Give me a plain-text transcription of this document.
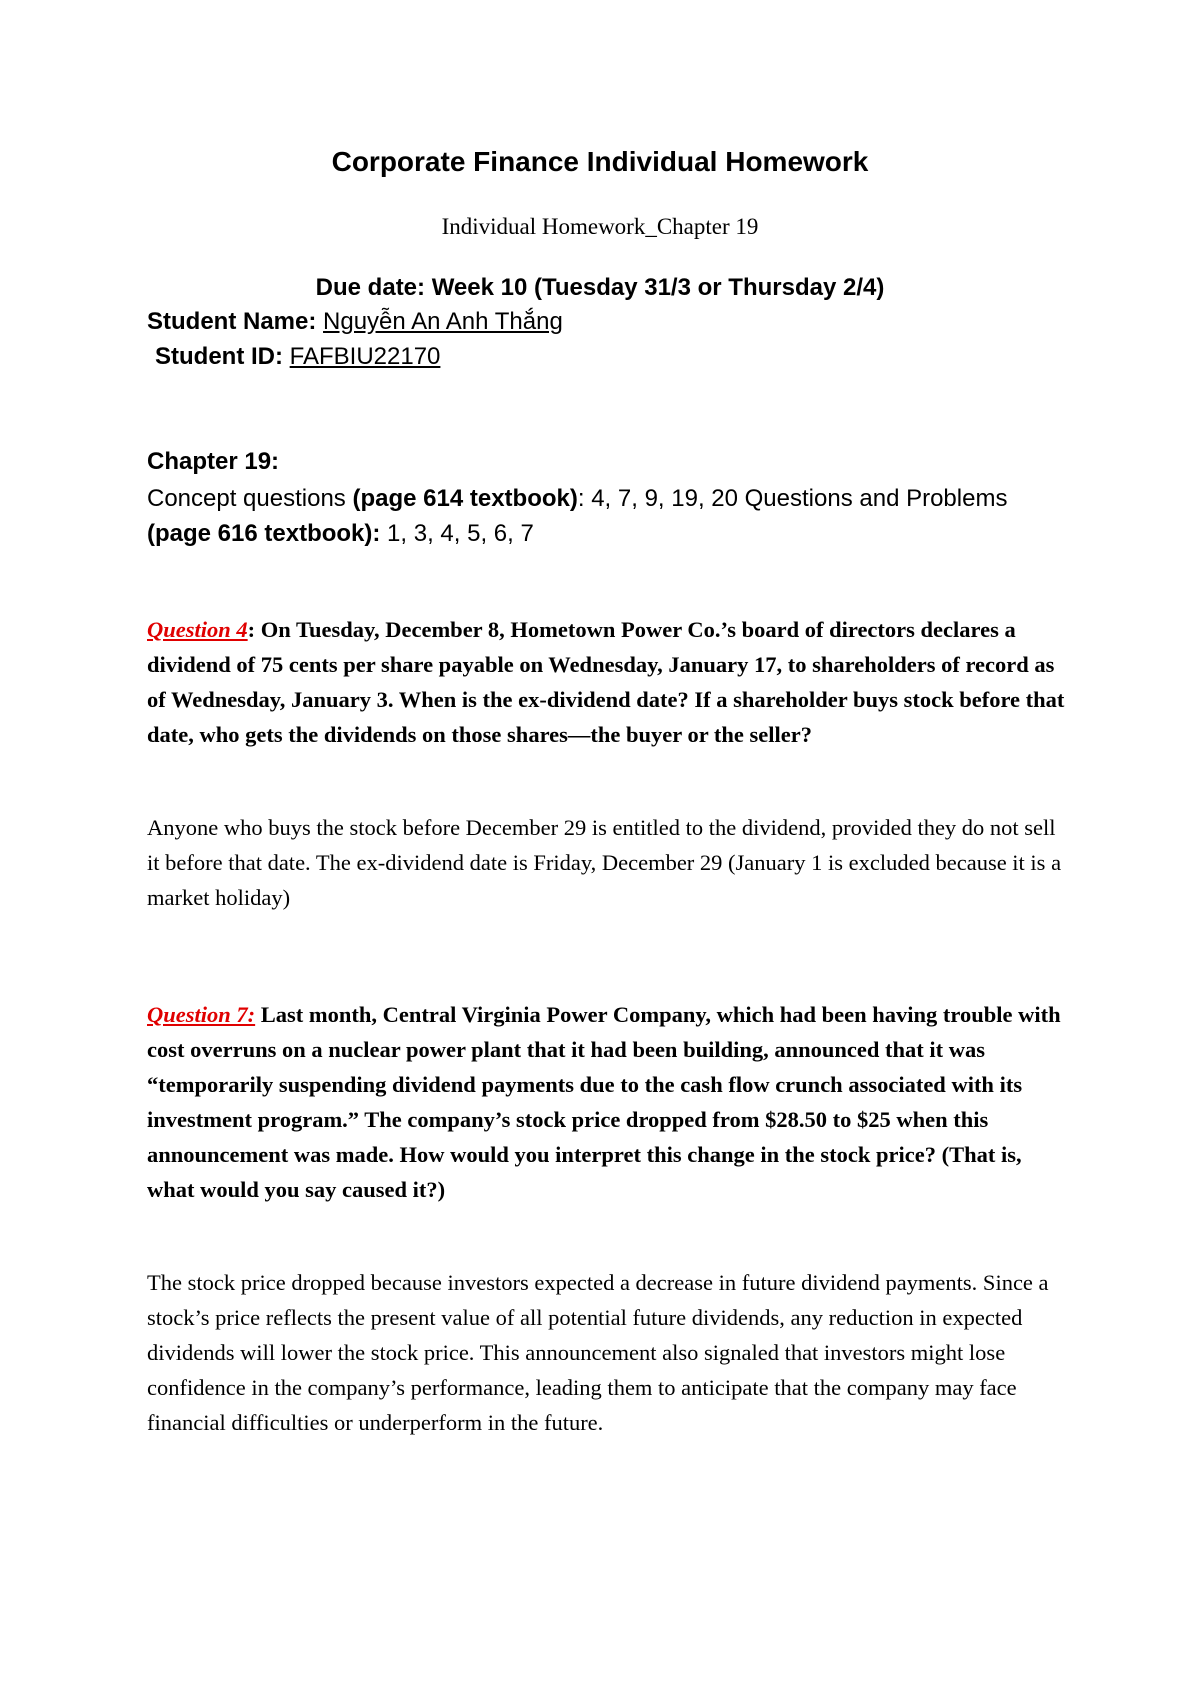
Corporate Finance Individual Homework
Individual Homework_Chapter 19
Due date: Week 10 (Tuesday 31/3 or Thursday 2/4)
Student Name: Nguyễn An Anh Thắng
Student ID: FAFBIU22170
Chapter 19:
Concept questions (page 614 textbook): 4, 7, 9, 19, 20 Questions and Problems (page 616 textbook): 1, 3, 4, 5, 6, 7
Question 4: On Tuesday, December 8, Hometown Power Co.’s board of directors declares a dividend of 75 cents per share payable on Wednesday, January 17, to shareholders of record as of Wednesday, January 3. When is the ex-dividend date? If a shareholder buys stock before that date, who gets the dividends on those shares—the buyer or the seller?
Anyone who buys the stock before December 29 is entitled to the dividend, provided they do not sell it before that date. The ex-dividend date is Friday, December 29 (January 1 is excluded because it is a market holiday)
Question 7: Last month, Central Virginia Power Company, which had been having trouble with cost overruns on a nuclear power plant that it had been building, announced that it was “temporarily suspending dividend payments due to the cash flow crunch associated with its investment program.” The company’s stock price dropped from $28.50 to $25 when this announcement was made. How would you interpret this change in the stock price? (That is, what would you say caused it?)
The stock price dropped because investors expected a decrease in future dividend payments. Since a stock’s price reflects the present value of all potential future dividends, any reduction in expected dividends will lower the stock price. This announcement also signaled that investors might lose confidence in the company’s performance, leading them to anticipate that the company may face financial difficulties or underperform in the future.
